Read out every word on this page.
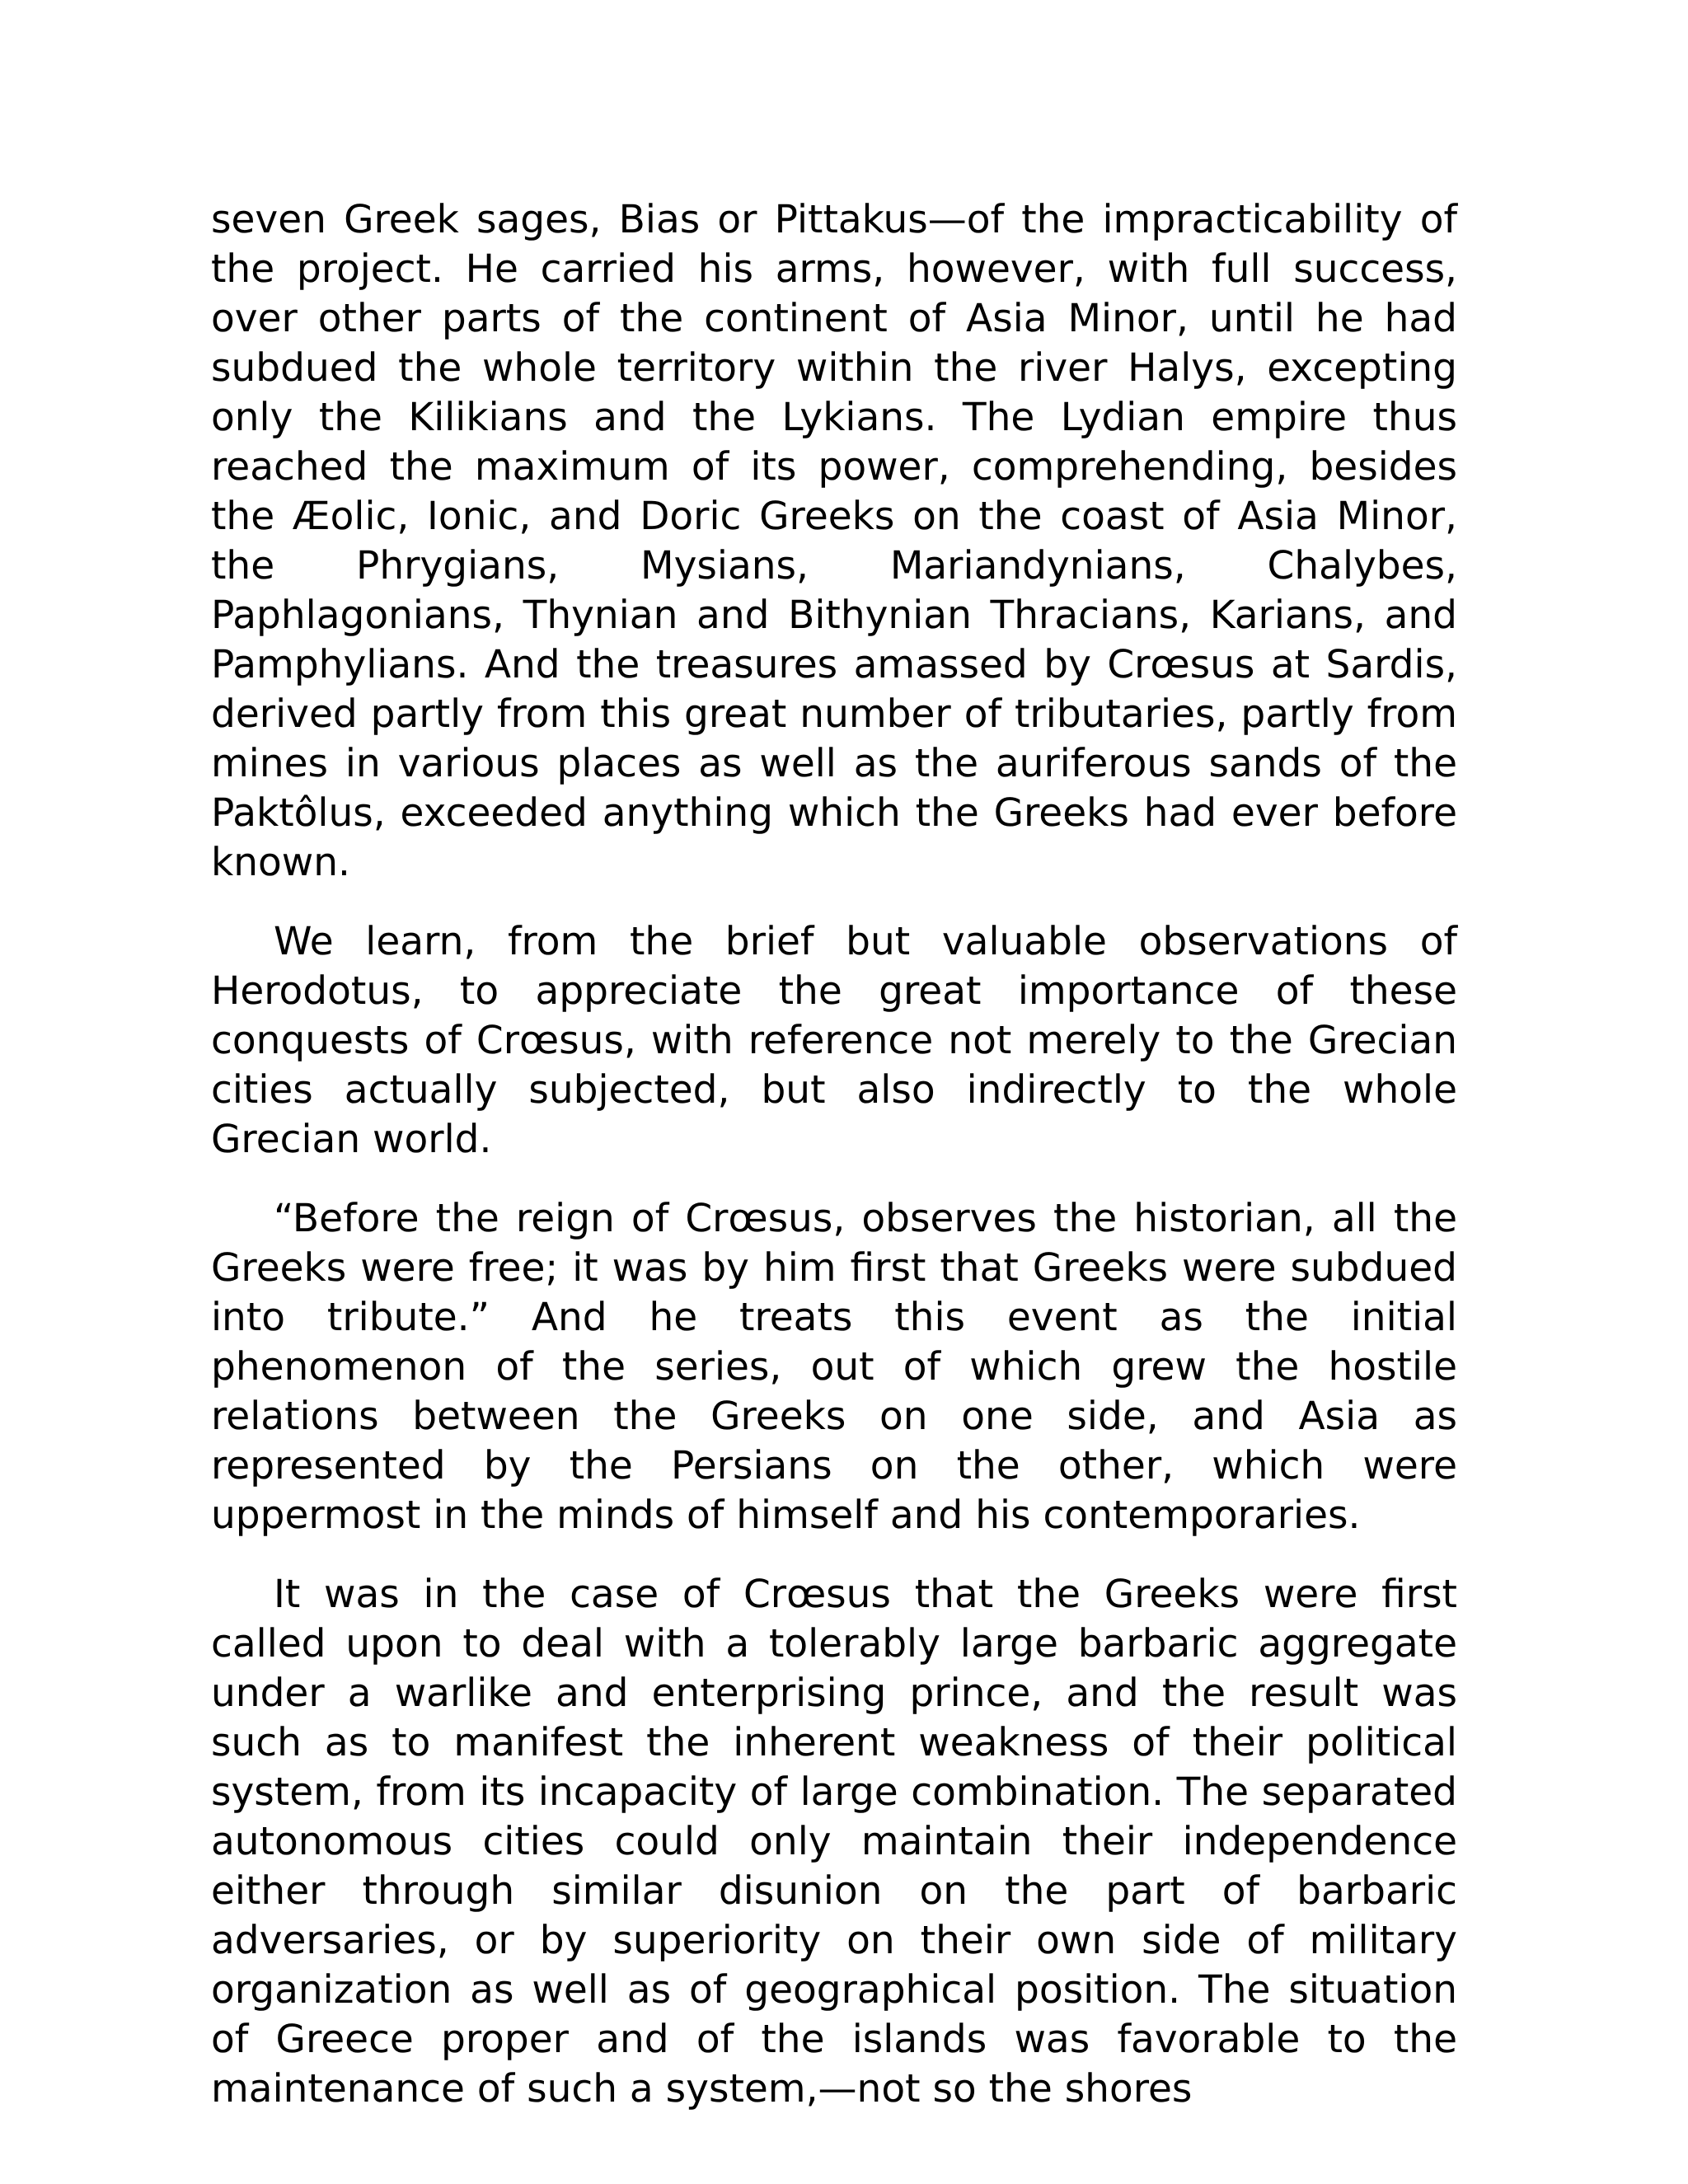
seven Greek sages, Bias or Pittakus—of the impracticability of the project. He carried his arms, however, with full success, over other parts of the continent of Asia Minor, until he had subdued the whole territory within the river Halys, excepting only the Kilikians and the Lykians. The Lydian empire thus reached the maximum of its power, comprehending, besides the Æolic, Ionic, and Doric Greeks on the coast of Asia Minor, the Phrygians, Mysians, Mariandynians, Chalybes, Paphlagonians, Thynian and Bithynian Thracians, Karians, and Pamphylians. And the treasures amassed by Crœsus at Sardis, derived partly from this great number of tributaries, partly from mines in various places as well as the auriferous sands of the Paktôlus, exceeded anything which the Greeks had ever before known.

We learn, from the brief but valuable observations of Herodotus, to appreciate the great importance of these conquests of Crœsus, with reference not merely to the Grecian cities actually subjected, but also indirectly to the whole Grecian world.

“Before the reign of Crœsus, observes the historian, all the Greeks were free; it was by him first that Greeks were subdued into tribute.” And he treats this event as the initial phenomenon of the series, out of which grew the hostile relations between the Greeks on one side, and Asia as represented by the Persians on the other, which were uppermost in the minds of himself and his contemporaries.

It was in the case of Crœsus that the Greeks were first called upon to deal with a tolerably large barbaric aggregate under a warlike and enterprising prince, and the result was such as to manifest the inherent weakness of their political system, from its incapacity of large combination. The separated autonomous cities could only maintain their independence either through similar disunion on the part of barbaric adversaries, or by superiority on their own side of military organization as well as of geographical position. The situation of Greece proper and of the islands was favorable to the maintenance of such a system,—not so the shores
